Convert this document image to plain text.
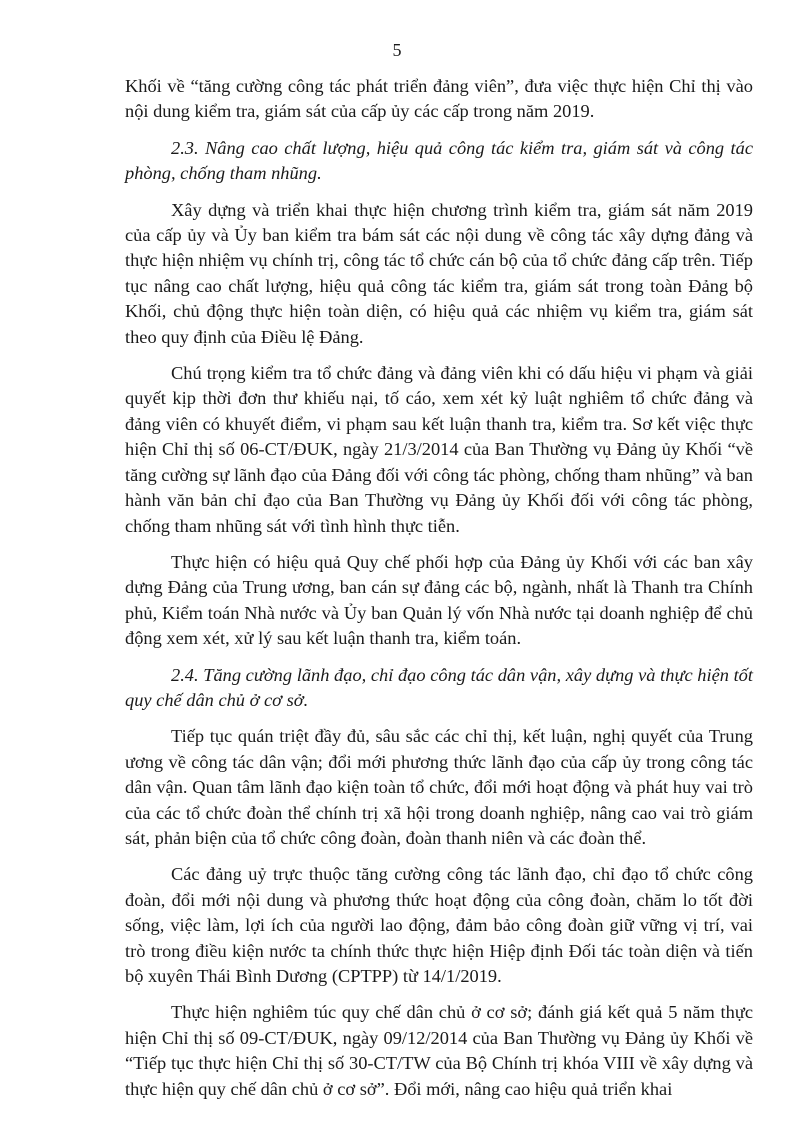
5

Khối về “tăng cường công tác phát triển đảng viên”, đưa việc thực hiện Chỉ thị vào nội dung kiểm tra, giám sát của cấp ủy các cấp trong năm 2019.

2.3. Nâng cao chất lượng, hiệu quả công tác kiểm tra, giám sát và công tác phòng, chống tham nhũng.

Xây dựng và triển khai thực hiện chương trình kiểm tra, giám sát năm 2019 của cấp ủy và Ủy ban kiểm tra bám sát các nội dung về công tác xây dựng đảng và thực hiện nhiệm vụ chính trị, công tác tổ chức cán bộ của tổ chức đảng cấp trên. Tiếp tục nâng cao chất lượng, hiệu quả công tác kiểm tra, giám sát trong toàn Đảng bộ Khối, chủ động thực hiện toàn diện, có hiệu quả các nhiệm vụ kiểm tra, giám sát theo quy định của Điều lệ Đảng.

Chú trọng kiểm tra tổ chức đảng và đảng viên khi có dấu hiệu vi phạm và giải quyết kịp thời đơn thư khiếu nại, tố cáo, xem xét kỷ luật nghiêm tổ chức đảng và đảng viên có khuyết điểm, vi phạm sau kết luận thanh tra, kiểm tra. Sơ kết việc thực hiện Chỉ thị số 06-CT/ĐUK, ngày 21/3/2014 của Ban Thường vụ Đảng ủy Khối “về tăng cường sự lãnh đạo của Đảng đối với công tác phòng, chống tham nhũng” và ban hành văn bản chỉ đạo của Ban Thường vụ Đảng ủy Khối đối với công tác phòng, chống tham nhũng sát với tình hình thực tiễn.

Thực hiện có hiệu quả Quy chế phối hợp của Đảng ủy Khối với các ban xây dựng Đảng của Trung ương, ban cán sự đảng các bộ, ngành, nhất là Thanh tra Chính phủ, Kiểm toán Nhà nước và Ủy ban Quản lý vốn Nhà nước tại doanh nghiệp để chủ động xem xét, xử lý sau kết luận thanh tra, kiểm toán.

2.4. Tăng cường lãnh đạo, chỉ đạo công tác dân vận, xây dựng và thực hiện tốt quy chế dân chủ ở cơ sở.

Tiếp tục quán triệt đầy đủ, sâu sắc các chỉ thị, kết luận, nghị quyết của Trung ương về công tác dân vận; đổi mới phương thức lãnh đạo của cấp ủy trong công tác dân vận. Quan tâm lãnh đạo kiện toàn tổ chức, đổi mới hoạt động và phát huy vai trò của các tổ chức đoàn thể chính trị xã hội trong doanh nghiệp, nâng cao vai trò giám sát, phản biện của tổ chức công đoàn, đoàn thanh niên và các đoàn thể.

Các đảng uỷ trực thuộc tăng cường công tác lãnh đạo, chỉ đạo tổ chức công đoàn, đổi mới nội dung và phương thức hoạt động của công đoàn, chăm lo tốt đời sống, việc làm, lợi ích của người lao động, đảm bảo công đoàn giữ vững vị trí, vai trò trong điều kiện nước ta chính thức thực hiện Hiệp định Đối tác toàn diện và tiến bộ xuyên Thái Bình Dương (CPTPP) từ 14/1/2019.

Thực hiện nghiêm túc quy chế dân chủ ở cơ sở; đánh giá kết quả 5 năm thực hiện Chỉ thị số 09-CT/ĐUK, ngày 09/12/2014 của Ban Thường vụ Đảng ủy Khối về “Tiếp tục thực hiện Chỉ thị số 30-CT/TW của Bộ Chính trị khóa VIII về xây dựng và thực hiện quy chế dân chủ ở cơ sở”. Đổi mới, nâng cao hiệu quả triển khai
